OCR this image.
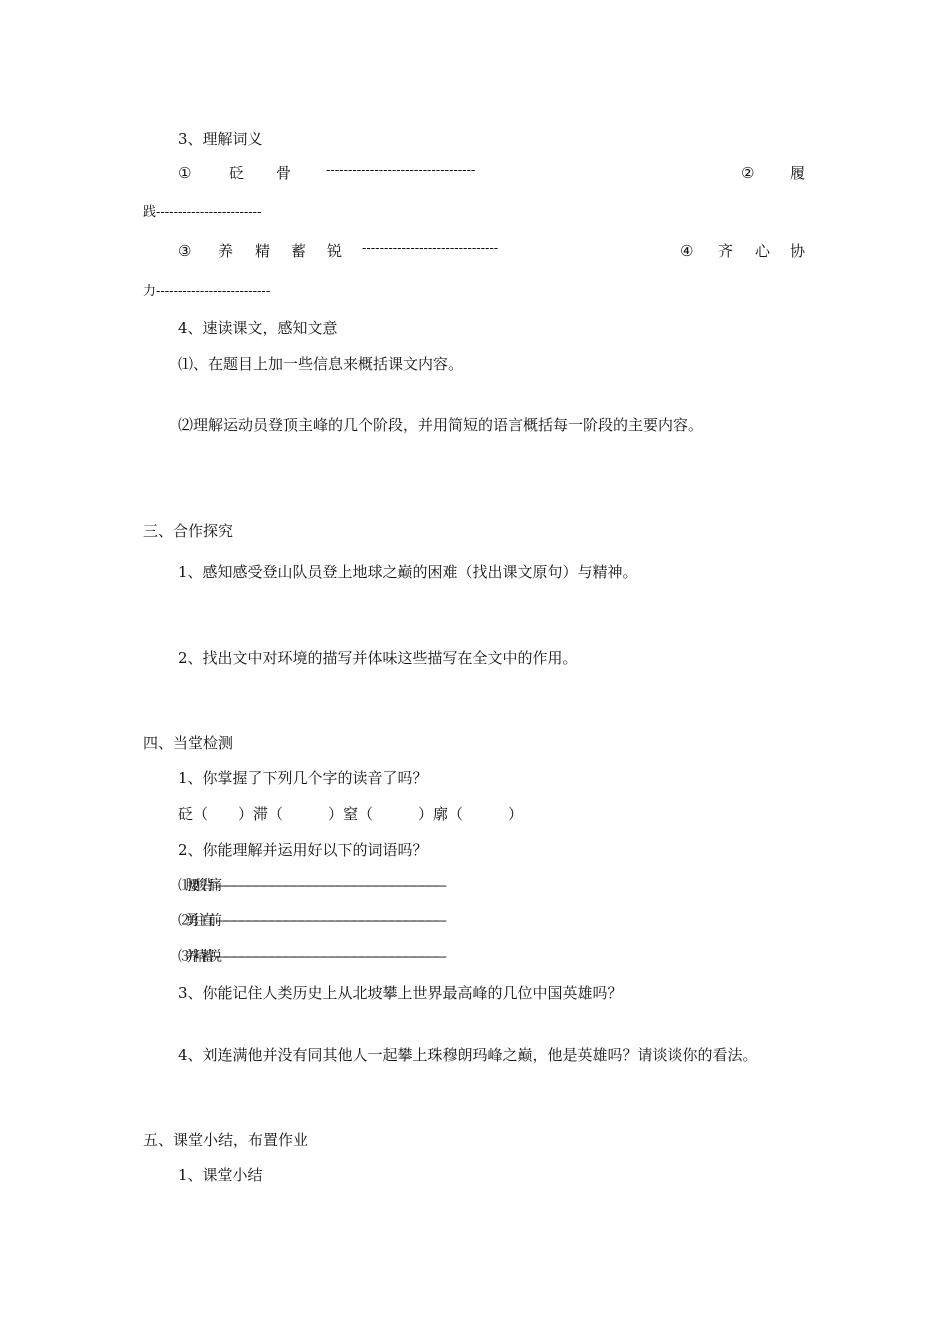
3、理解词义
①	砭 骨	----------------------------------	② 履
践------------------------
③ 养 精 蓄 锐 -------------------------------	④ 齐 心 协
力--------------------------
4、速读课文，感知文意
⑴、在题目上加一些信息来概括课文内容。
⑵理解运动员登顶主峰的几个阶段，并用简短的语言概括每一阶段的主要内容。
三、合作探究
1、感知感受登山队员登上地球之巅的困难（找出课文原句）与精神。
2、找出文中对环境的描写并体味这些描写在全文中的作用。
四、当堂检测
1、你掌握了下列几个字的读音了吗？
砭（　　）滞（　　　）窒（　　　）廓（　　　）
2、你能理解并运用好以下的词语吗？
⑴腰酸背痛——————————————————————————————
⑵勇往直前——————————————————————————————
⑶养精蓄锐——————————————————————————————
3、你能记住人类历史上从北坡攀上世界最高峰的几位中国英雄吗？
4、刘连满他并没有同其他人一起攀上珠穆朗玛峰之巅，他是英雄吗？请谈谈你的看法。
五、课堂小结，布置作业
1、课堂小结
